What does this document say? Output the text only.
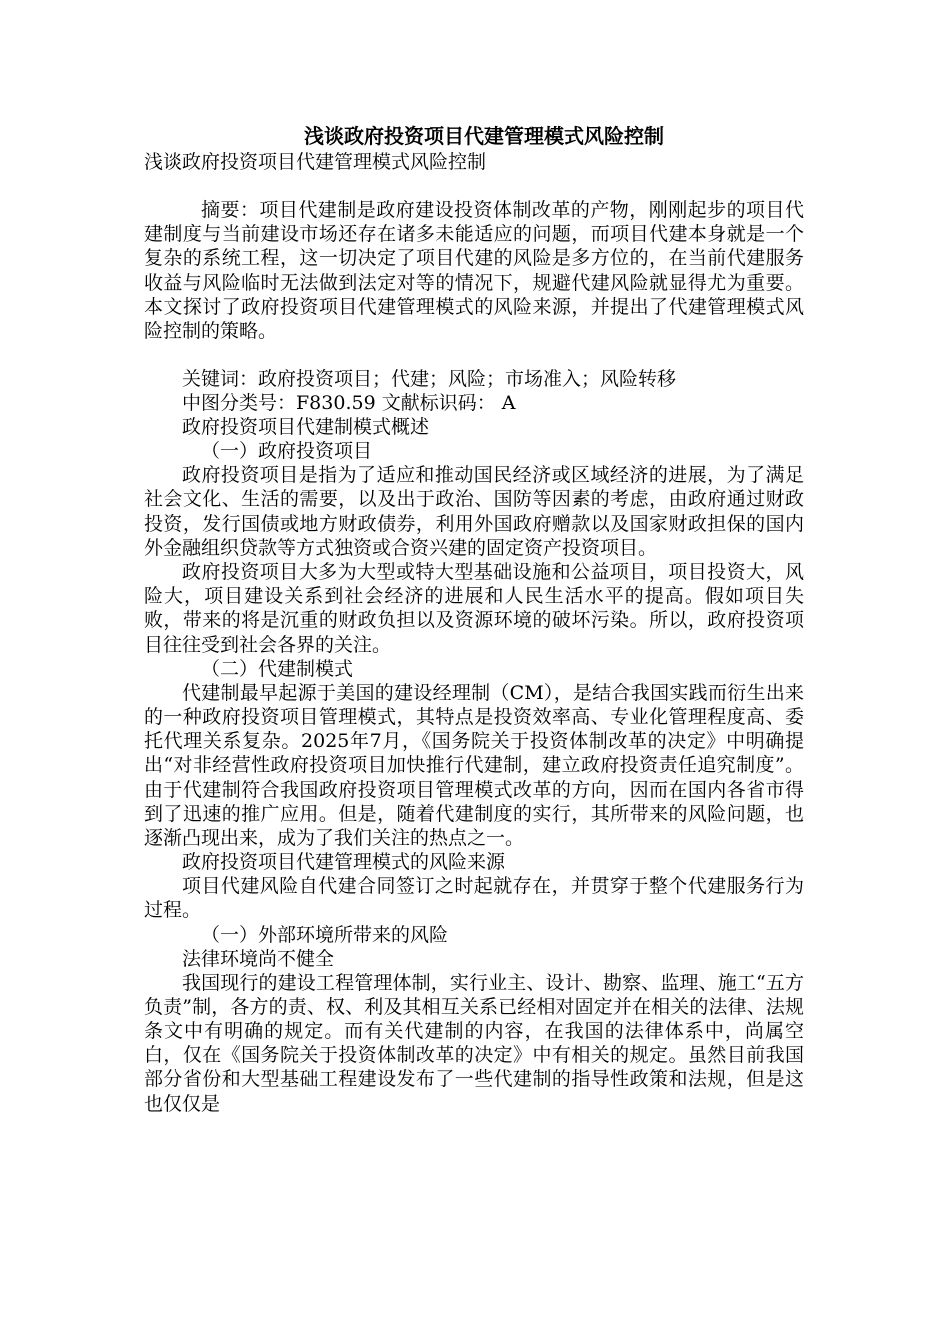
浅谈政府投资项目代建管理模式风险控制
浅谈政府投资项目代建管理模式风险控制
摘要：项目代建制是政府建设投资体制改革的产物，刚刚起步的项目代建制度与当前建设市场还存在诸多未能适应的问题，而项目代建本身就是一个复杂的系统工程，这一切决定了项目代建的风险是多方位的，在当前代建服务收益与风险临时无法做到法定对等的情况下，规避代建风险就显得尤为重要。本文探讨了政府投资项目代建管理模式的风险来源，并提出了代建管理模式风险控制的策略。
关键词：政府投资项目；代建；风险；市场准入；风险转移
中图分类号：F830.59 文献标识码： A
政府投资项目代建制模式概述
（一）政府投资项目
政府投资项目是指为了适应和推动国民经济或区域经济的进展，为了满足社会文化、生活的需要，以及出于政治、国防等因素的考虑，由政府通过财政投资，发行国债或地方财政债券，利用外国政府赠款以及国家财政担保的国内外金融组织贷款等方式独资或合资兴建的固定资产投资项目。
政府投资项目大多为大型或特大型基础设施和公益项目，项目投资大，风险大，项目建设关系到社会经济的进展和人民生活水平的提高。假如项目失败，带来的将是沉重的财政负担以及资源环境的破坏污染。所以，政府投资项目往往受到社会各界的关注。
（二）代建制模式
代建制最早起源于美国的建设经理制（CM），是结合我国实践而衍生出来的一种政府投资项目管理模式，其特点是投资效率高、专业化管理程度高、委托代理关系复杂。2025年7月，《国务院关于投资体制改革的决定》中明确提出“对非经营性政府投资项目加快推行代建制，建立政府投资责任追究制度”。由于代建制符合我国政府投资项目管理模式改革的方向，因而在国内各省市得到了迅速的推广应用。但是，随着代建制度的实行，其所带来的风险问题，也逐渐凸现出来，成为了我们关注的热点之一。
政府投资项目代建管理模式的风险来源
项目代建风险自代建合同签订之时起就存在，并贯穿于整个代建服务行为过程。
（一）外部环境所带来的风险
法律环境尚不健全
我国现行的建设工程管理体制，实行业主、设计、勘察、监理、施工“五方负责”制，各方的责、权、利及其相互关系已经相对固定并在相关的法律、法规条文中有明确的规定。而有关代建制的内容，在我国的法律体系中，尚属空白，仅在《国务院关于投资体制改革的决定》中有相关的规定。虽然目前我国部分省份和大型基础工程建设发布了一些代建制的指导性政策和法规，但是这也仅仅是
